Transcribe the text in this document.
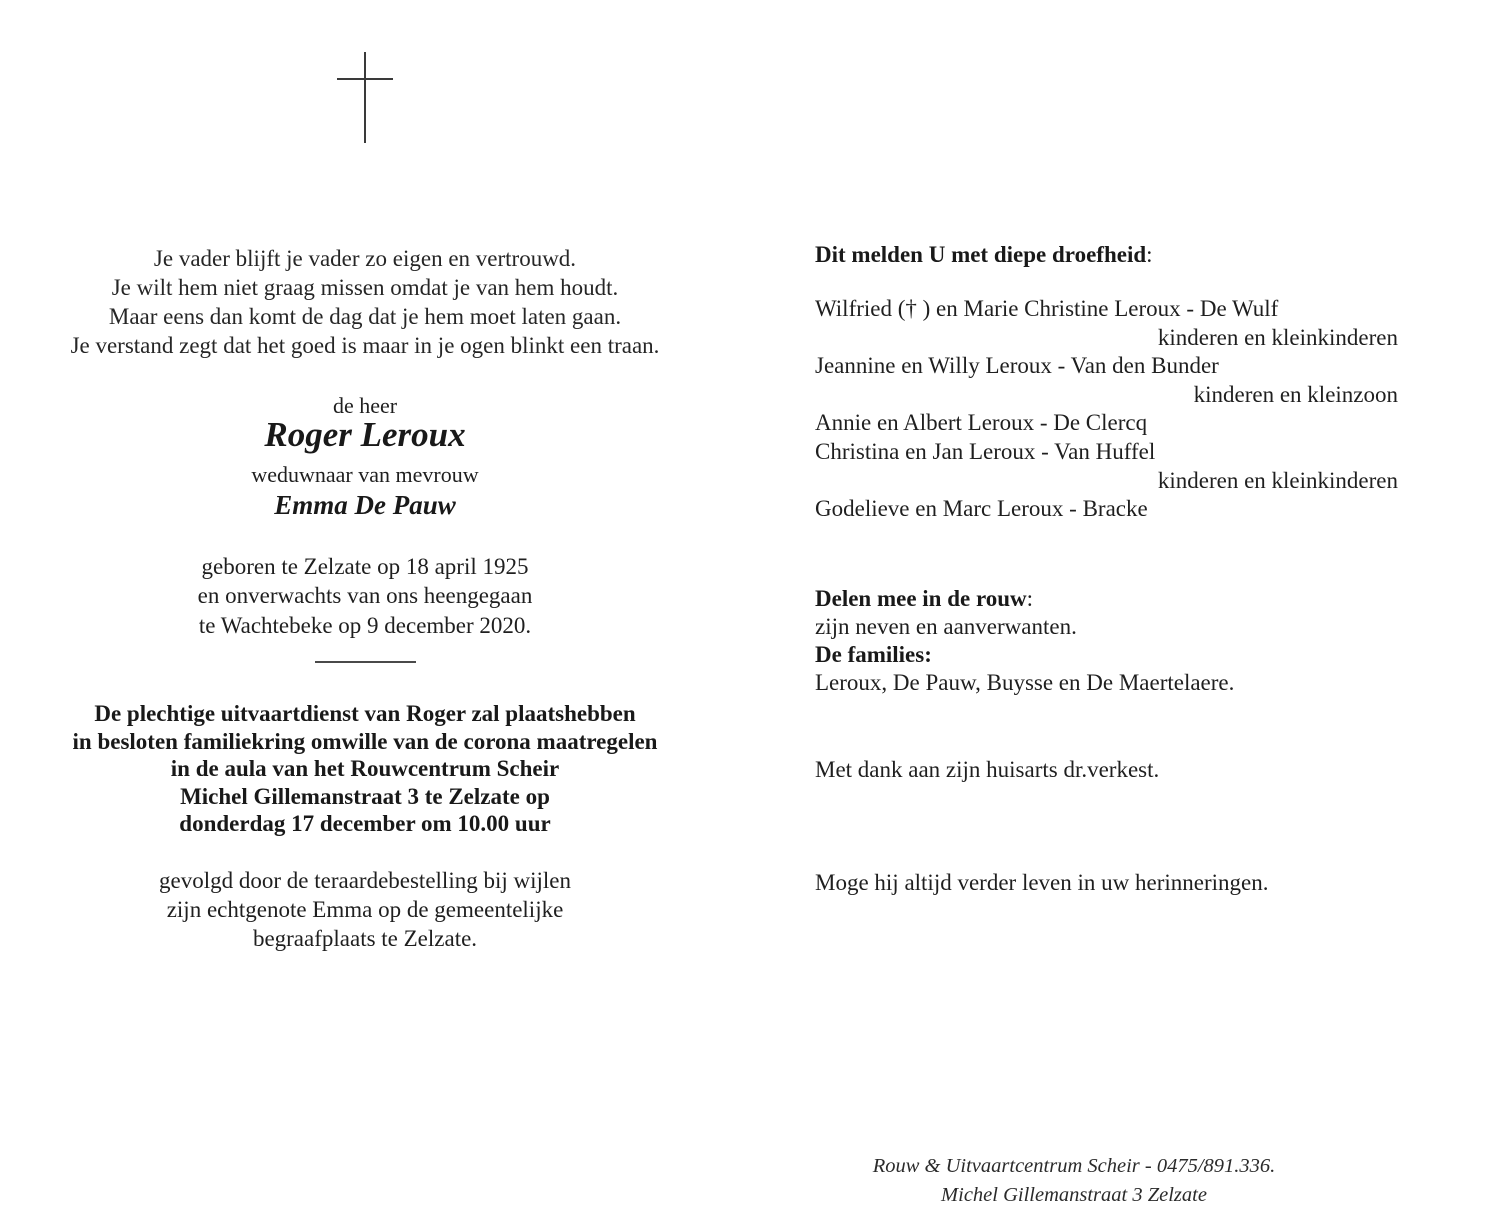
Je vader blijft je vader zo eigen en vertrouwd.
Je wilt hem niet graag missen omdat je van hem houdt.
Maar eens dan komt de dag dat je hem moet laten gaan.
Je verstand zegt dat het goed is maar in je ogen blinkt een traan.
de heer
Roger Leroux
weduwnaar van mevrouw
Emma De Pauw
geboren te Zelzate op 18 april 1925
en onverwachts van ons heengegaan
te Wachtebeke op 9 december 2020.
De plechtige uitvaartdienst van Roger zal plaatshebben
in besloten familiekring omwille van de corona maatregelen
in de aula van het Rouwcentrum Scheir
Michel Gillemanstraat 3 te Zelzate op
donderdag 17 december om 10.00 uur
gevolgd door de teraardebestelling bij wijlen
zijn echtgenote Emma op de gemeentelijke
begraafplaats te Zelzate.
Dit melden U met diepe droefheid:
Wilfried († ) en Marie Christine Leroux - De Wulf
kinderen en kleinkinderen
Jeannine en Willy Leroux - Van den Bunder
kinderen en kleinzoon
Annie en Albert Leroux - De Clercq
Christina en Jan Leroux - Van Huffel
kinderen en kleinkinderen
Godelieve en Marc Leroux - Bracke
Delen mee in de rouw:
zijn neven en aanverwanten.
De families:
Leroux, De Pauw, Buysse en De Maertelaere.
Met dank aan zijn huisarts dr.verkest.
Moge hij altijd verder leven in uw herinneringen.
Rouw & Uitvaartcentrum Scheir - 0475/891.336.
Michel Gillemanstraat 3 Zelzate
